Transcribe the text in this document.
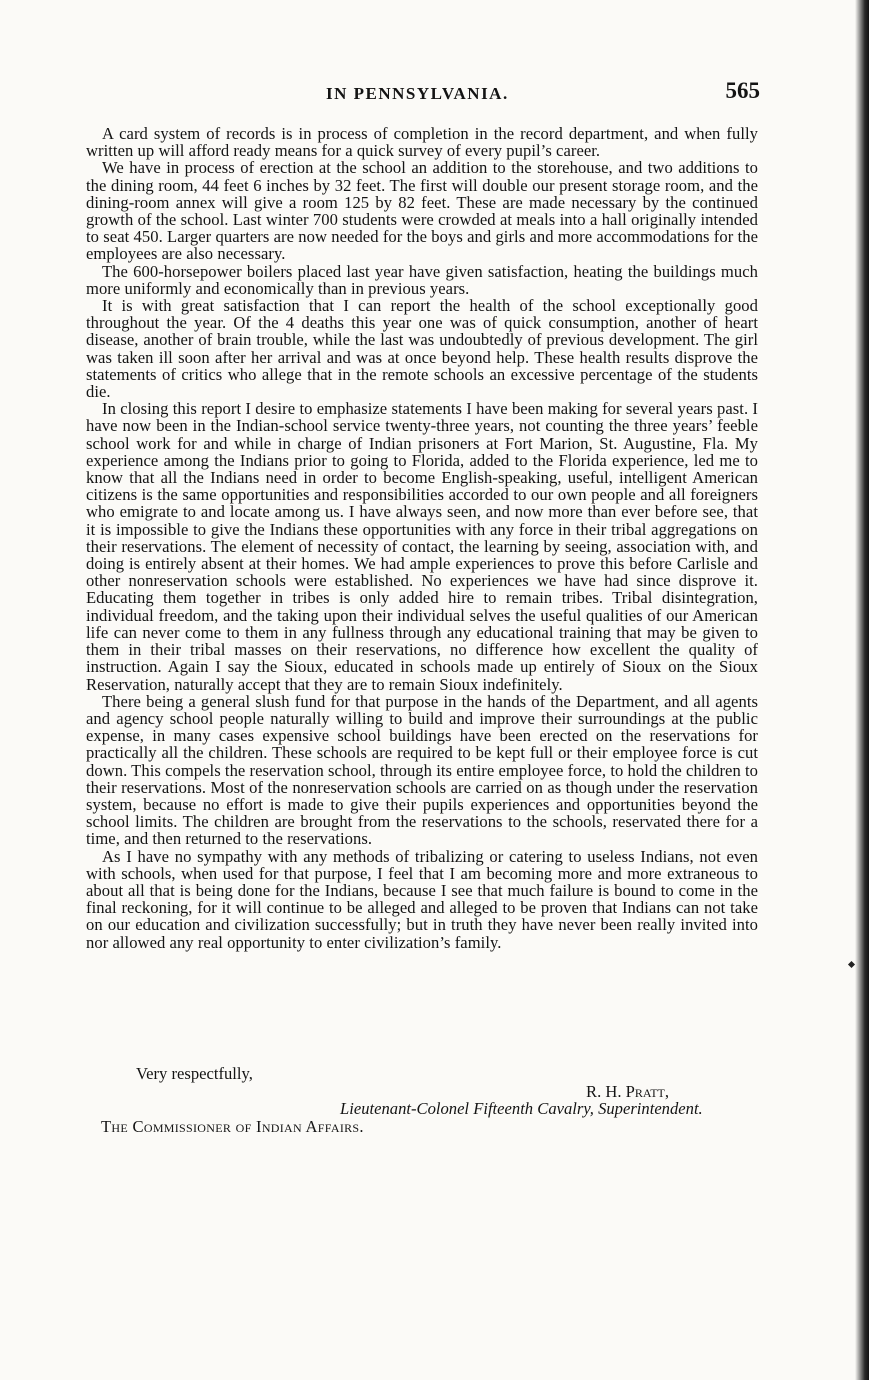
IN PENNSYLVANIA.	565

A card system of records is in process of completion in the record department, and when fully written up will afford ready means for a quick survey of every pupil’s career.

We have in process of erection at the school an addition to the storehouse, and two additions to the dining room, 44 feet 6 inches by 32 feet. The first will double our present storage room, and the dining-room annex will give a room 125 by 82 feet. These are made necessary by the continued growth of the school. Last winter 700 students were crowded at meals into a hall originally intended to seat 450. Larger quarters are now needed for the boys and girls and more accommodations for the employees are also necessary.

The 600-horsepower boilers placed last year have given satisfaction, heating the buildings much more uniformly and economically than in previous years.

It is with great satisfaction that I can report the health of the school exceptionally good throughout the year. Of the 4 deaths this year one was of quick consumption, another of heart disease, another of brain trouble, while the last was undoubtedly of previous development. The girl was taken ill soon after her arrival and was at once beyond help. These health results disprove the statements of critics who allege that in the remote schools an excessive percentage of the students die.

In closing this report I desire to emphasize statements I have been making for several years past. I have now been in the Indian-school service twenty-three years, not counting the three years’ feeble school work for and while in charge of Indian prisoners at Fort Marion, St. Augustine, Fla. My experience among the Indians prior to going to Florida, added to the Florida experience, led me to know that all the Indians need in order to become English-speaking, useful, intelligent American citizens is the same opportunities and responsibilities accorded to our own people and all foreigners who emigrate to and locate among us. I have always seen, and now more than ever before see, that it is impossible to give the Indians these opportunities with any force in their tribal aggregations on their reservations. The element of necessity of contact, the learning by seeing, association with, and doing is entirely absent at their homes. We had ample experiences to prove this before Carlisle and other nonreservation schools were established. No experiences we have had since disprove it. Educating them together in tribes is only added hire to remain tribes. Tribal disintegration, individual freedom, and the taking upon their individual selves the useful qualities of our American life can never come to them in any fullness through any educational training that may be given to them in their tribal masses on their reservations, no difference how excellent the quality of instruction. Again I say the Sioux, educated in schools made up entirely of Sioux on the Sioux Reservation, naturally accept that they are to remain Sioux indefinitely.

There being a general slush fund for that purpose in the hands of the Department, and all agents and agency school people naturally willing to build and improve their surroundings at the public expense, in many cases expensive school buildings have been erected on the reservations for practically all the children. These schools are required to be kept full or their employee force is cut down. This compels the reservation school, through its entire employee force, to hold the children to their reservations. Most of the nonreservation schools are carried on as though under the reservation system, because no effort is made to give their pupils experiences and opportunities beyond the school limits. The children are brought from the reservations to the schools, reservated there for a time, and then returned to the reservations.

As I have no sympathy with any methods of tribalizing or catering to useless Indians, not even with schools, when used for that purpose, I feel that I am becoming more and more extraneous to about all that is being done for the Indians, because I see that much failure is bound to come in the final reckoning, for it will continue to be alleged and alleged to be proven that Indians can not take on our education and civilization successfully; but in truth they have never been really invited into nor allowed any real opportunity to enter civilization’s family.

Very respectfully,
R. H. Pratt,
Lieutenant-Colonel Fifteenth Cavalry, Superintendent.
The Commissioner of Indian Affairs.
